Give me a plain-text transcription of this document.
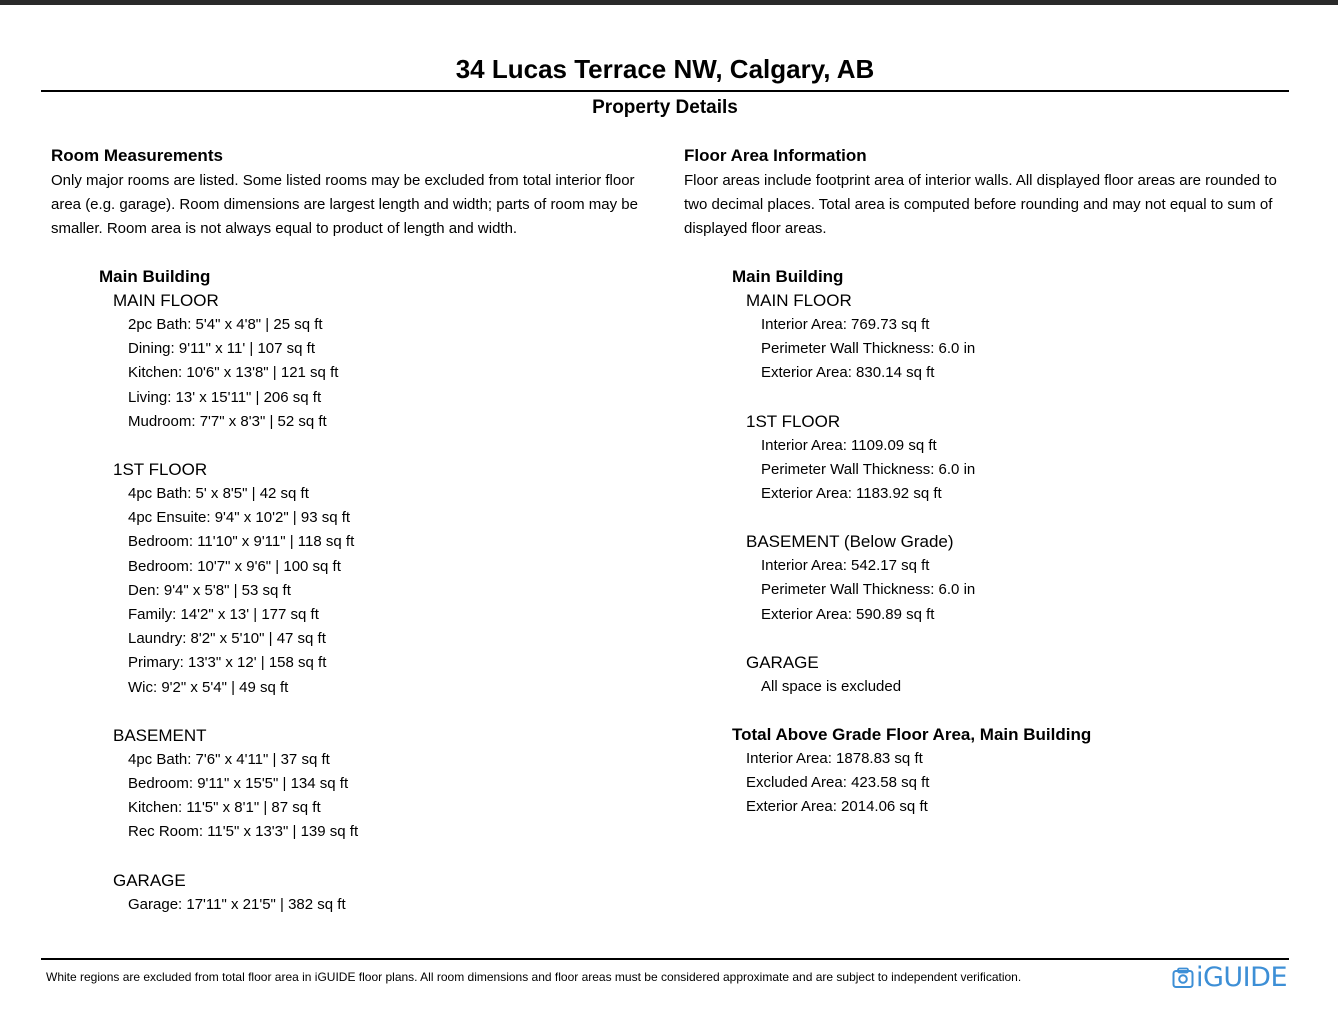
34 Lucas Terrace NW, Calgary, AB
Property Details
Room Measurements
Only major rooms are listed. Some listed rooms may be excluded from total interior floor area (e.g. garage). Room dimensions are largest length and width; parts of room may be smaller. Room area is not always equal to product of length and width.
Main Building
MAIN FLOOR
2pc Bath: 5'4" x 4'8" | 25 sq ft
Dining: 9'11" x 11' | 107 sq ft
Kitchen: 10'6" x 13'8" | 121 sq ft
Living: 13' x 15'11" | 206 sq ft
Mudroom: 7'7" x 8'3" | 52 sq ft
1ST FLOOR
4pc Bath: 5' x 8'5" | 42 sq ft
4pc Ensuite: 9'4" x 10'2" | 93 sq ft
Bedroom: 11'10" x 9'11" | 118 sq ft
Bedroom: 10'7" x 9'6" | 100 sq ft
Den: 9'4" x 5'8" | 53 sq ft
Family: 14'2" x 13' | 177 sq ft
Laundry: 8'2" x 5'10" | 47 sq ft
Primary: 13'3" x 12' | 158 sq ft
Wic: 9'2" x 5'4" | 49 sq ft
BASEMENT
4pc Bath: 7'6" x 4'11" | 37 sq ft
Bedroom: 9'11" x 15'5" | 134 sq ft
Kitchen: 11'5" x 8'1" | 87 sq ft
Rec Room: 11'5" x 13'3" | 139 sq ft
GARAGE
Garage: 17'11" x 21'5" | 382 sq ft
Floor Area Information
Floor areas include footprint area of interior walls. All displayed floor areas are rounded to two decimal places. Total area is computed before rounding and may not equal to sum of displayed floor areas.
Main Building
MAIN FLOOR
Interior Area: 769.73 sq ft
Perimeter Wall Thickness: 6.0 in
Exterior Area: 830.14 sq ft
1ST FLOOR
Interior Area: 1109.09 sq ft
Perimeter Wall Thickness: 6.0 in
Exterior Area: 1183.92 sq ft
BASEMENT (Below Grade)
Interior Area: 542.17 sq ft
Perimeter Wall Thickness: 6.0 in
Exterior Area: 590.89 sq ft
GARAGE
All space is excluded
Total Above Grade Floor Area, Main Building
Interior Area: 1878.83 sq ft
Excluded Area: 423.58 sq ft
Exterior Area: 2014.06 sq ft
White regions are excluded from total floor area in iGUIDE floor plans. All room dimensions and floor areas must be considered approximate and are subject to independent verification.	iGUIDE
